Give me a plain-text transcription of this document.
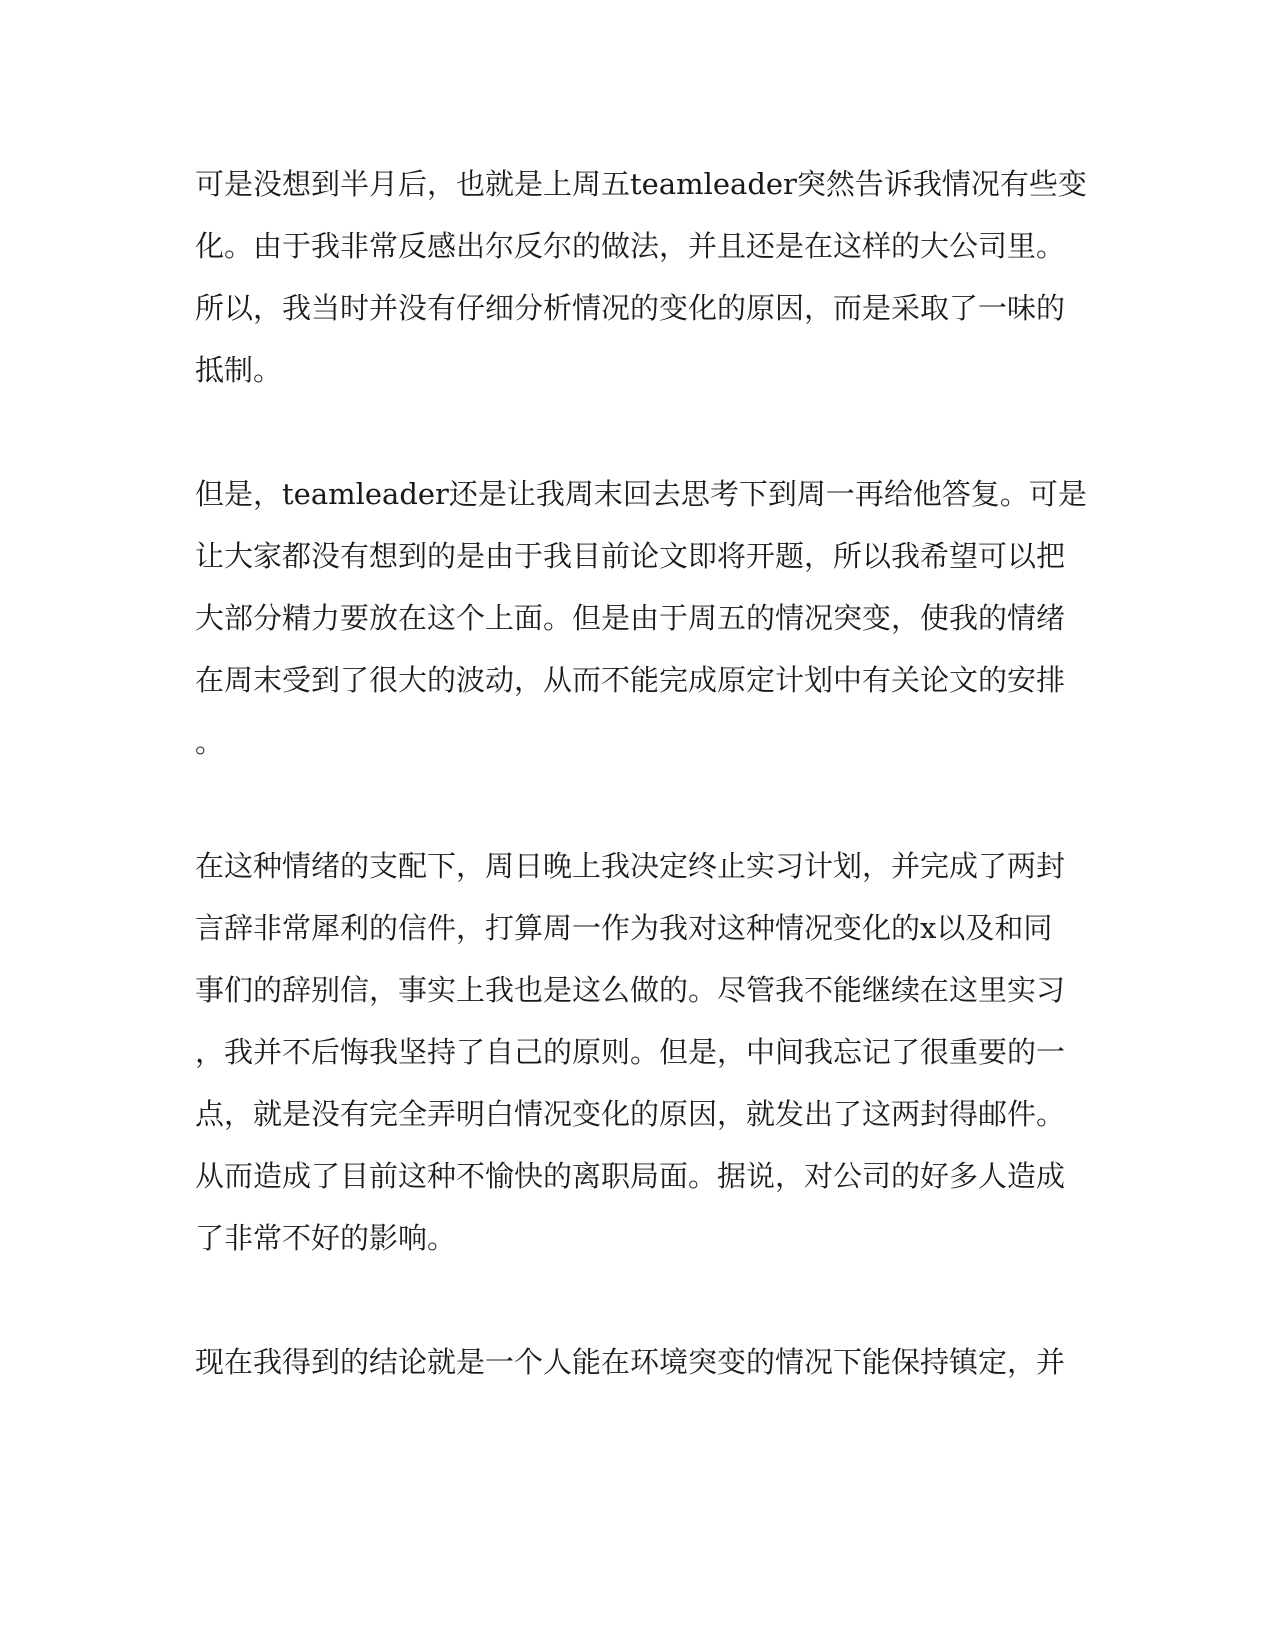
可是没想到半月后，也就是上周五teamleader突然告诉我情况有些变
化。由于我非常反感出尔反尔的做法，并且还是在这样的大公司里。
所以，我当时并没有仔细分析情况的变化的原因，而是采取了一味的
抵制。
但是，teamleader还是让我周末回去思考下到周一再给他答复。可是
让大家都没有想到的是由于我目前论文即将开题，所以我希望可以把
大部分精力要放在这个上面。但是由于周五的情况突变，使我的情绪
在周末受到了很大的波动，从而不能完成原定计划中有关论文的安排
。
在这种情绪的支配下，周日晚上我决定终止实习计划，并完成了两封
言辞非常犀利的信件，打算周一作为我对这种情况变化的x以及和同
事们的辞别信，事实上我也是这么做的。尽管我不能继续在这里实习
，我并不后悔我坚持了自己的原则。但是，中间我忘记了很重要的一
点，就是没有完全弄明白情况变化的原因，就发出了这两封得邮件。
从而造成了目前这种不愉快的离职局面。据说，对公司的好多人造成
了非常不好的影响。
现在我得到的结论就是一个人能在环境突变的情况下能保持镇定，并
